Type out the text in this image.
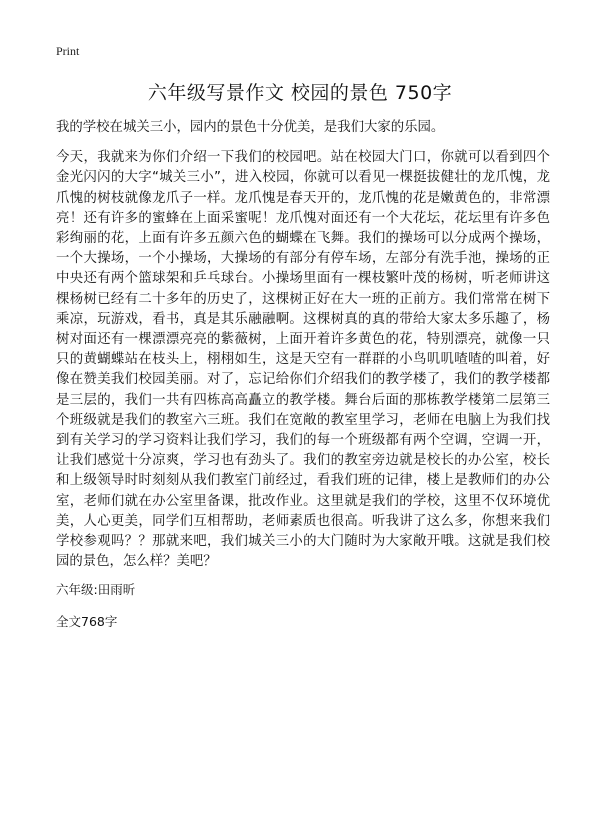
Print
六年级写景作文 校园的景色 750字

我的学校在城关三小，园内的景色十分优美，是我们大家的乐园。

今天，我就来为你们介绍一下我们的校园吧。站在校园大门口，你就可以看到四个金光闪闪的大字“城关三小”，进入校园，你就可以看见一棵挺拔健壮的龙爪愧，龙爪愧的树枝就像龙爪子一样。龙爪愧是春天开的，龙爪愧的花是嫩黄色的，非常漂亮！还有许多的蜜蜂在上面采蜜呢！龙爪愧对面还有一个大花坛，花坛里有许多色彩绚丽的花，上面有许多五颜六色的蝴蝶在飞舞。我们的操场可以分成两个操场，一个大操场，一个小操场，大操场的有部分有停车场，左部分有洗手池，操场的正中央还有两个篮球架和乒乓球台。小操场里面有一棵枝繁叶茂的杨树，听老师讲这棵杨树已经有二十多年的历史了，这棵树正好在大一班的正前方。我们常常在树下乘凉，玩游戏，看书，真是其乐融融啊。这棵树真的真的带给大家太多乐趣了，杨树对面还有一棵漂漂亮亮的紫薇树，上面开着许多黄色的花，特别漂亮，就像一只只的黄蝴蝶站在枝头上，栩栩如生，这是天空有一群群的小鸟叽叽喳喳的叫着，好像在赞美我们校园美丽。对了，忘记给你们介绍我们的教学楼了，我们的教学楼都是三层的，我们一共有四栋高高矗立的教学楼。舞台后面的那栋教学楼第二层第三个班级就是我们的教室六三班。我们在宽敞的教室里学习，老师在电脑上为我们找到有关学习的学习资料让我们学习，我们的每一个班级都有两个空调，空调一开，让我们感觉十分凉爽，学习也有劲头了。我们的教室旁边就是校长的办公室，校长和上级领导时时刻刻从我们教室门前经过，看我们班的记律，楼上是教师们的办公室，老师们就在办公室里备课，批改作业。这里就是我们的学校，这里不仅环境优美，人心更美，同学们互相帮助，老师素质也很高。听我讲了这么多，你想来我们学校参观吗？？那就来吧，我们城关三小的大门随时为大家敞开哦。这就是我们校园的景色，怎么样？美吧？

六年级:田雨昕

全文768字
